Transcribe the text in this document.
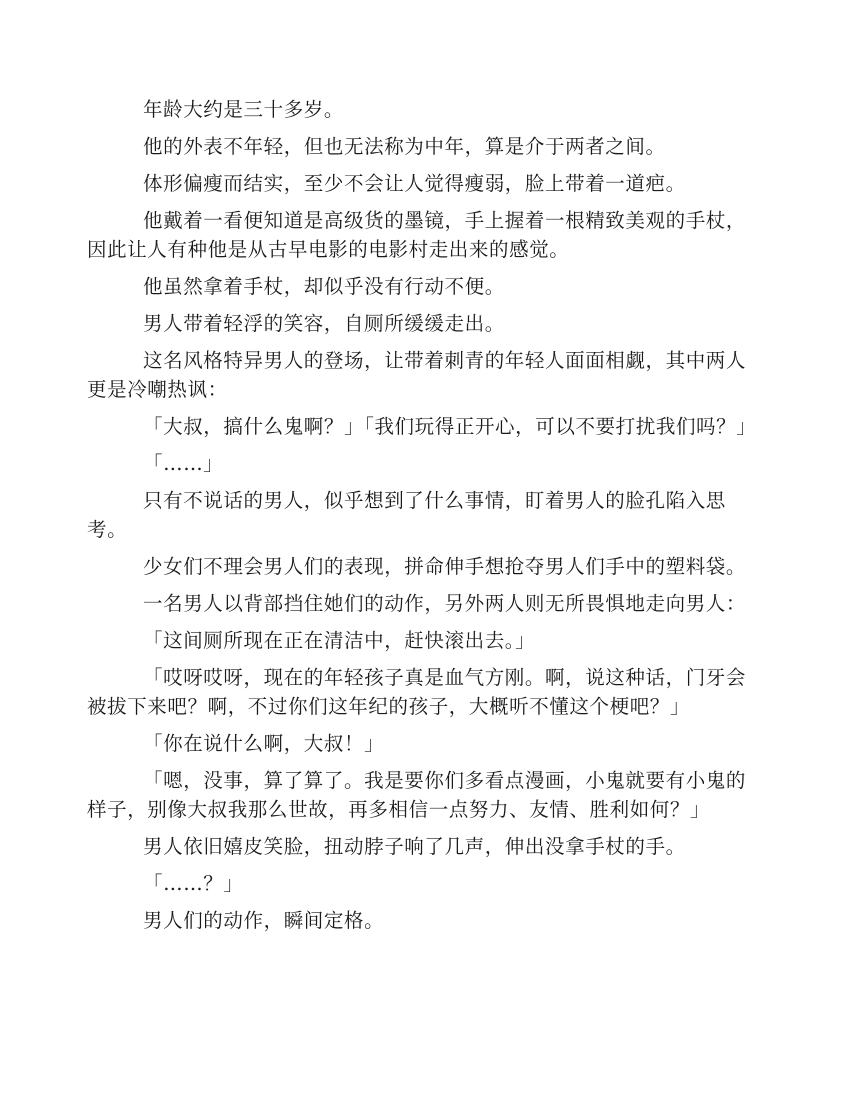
年龄大约是三十多岁。

他的外表不年轻，但也无法称为中年，算是介于两者之间。

体形偏瘦而结实，至少不会让人觉得瘦弱，脸上带着一道疤。

他戴着一看便知道是高级货的墨镜，手上握着一根精致美观的手杖，因此让人有种他是从古早电影的电影村走出来的感觉。

他虽然拿着手杖，却似乎没有行动不便。

男人带着轻浮的笑容，自厕所缓缓走出。

这名风格特异男人的登场，让带着刺青的年轻人面面相觑，其中两人更是冷嘲热讽：

「大叔，搞什么鬼啊？」「我们玩得正开心，可以不要打扰我们吗？」

「……」

只有不说话的男人，似乎想到了什么事情，盯着男人的脸孔陷入思考。

少女们不理会男人们的表现，拼命伸手想抢夺男人们手中的塑料袋。

一名男人以背部挡住她们的动作，另外两人则无所畏惧地走向男人：

「这间厕所现在正在清洁中，赶快滚出去。」

「哎呀哎呀，现在的年轻孩子真是血气方刚。啊，说这种话，门牙会被拔下来吧？啊，不过你们这年纪的孩子，大概听不懂这个梗吧？」

「你在说什么啊，大叔！」

「嗯，没事，算了算了。我是要你们多看点漫画，小鬼就要有小鬼的样子，别像大叔我那么世故，再多相信一点努力、友情、胜利如何？」

男人依旧嬉皮笑脸，扭动脖子响了几声，伸出没拿手杖的手。

「……？」

男人们的动作，瞬间定格。
